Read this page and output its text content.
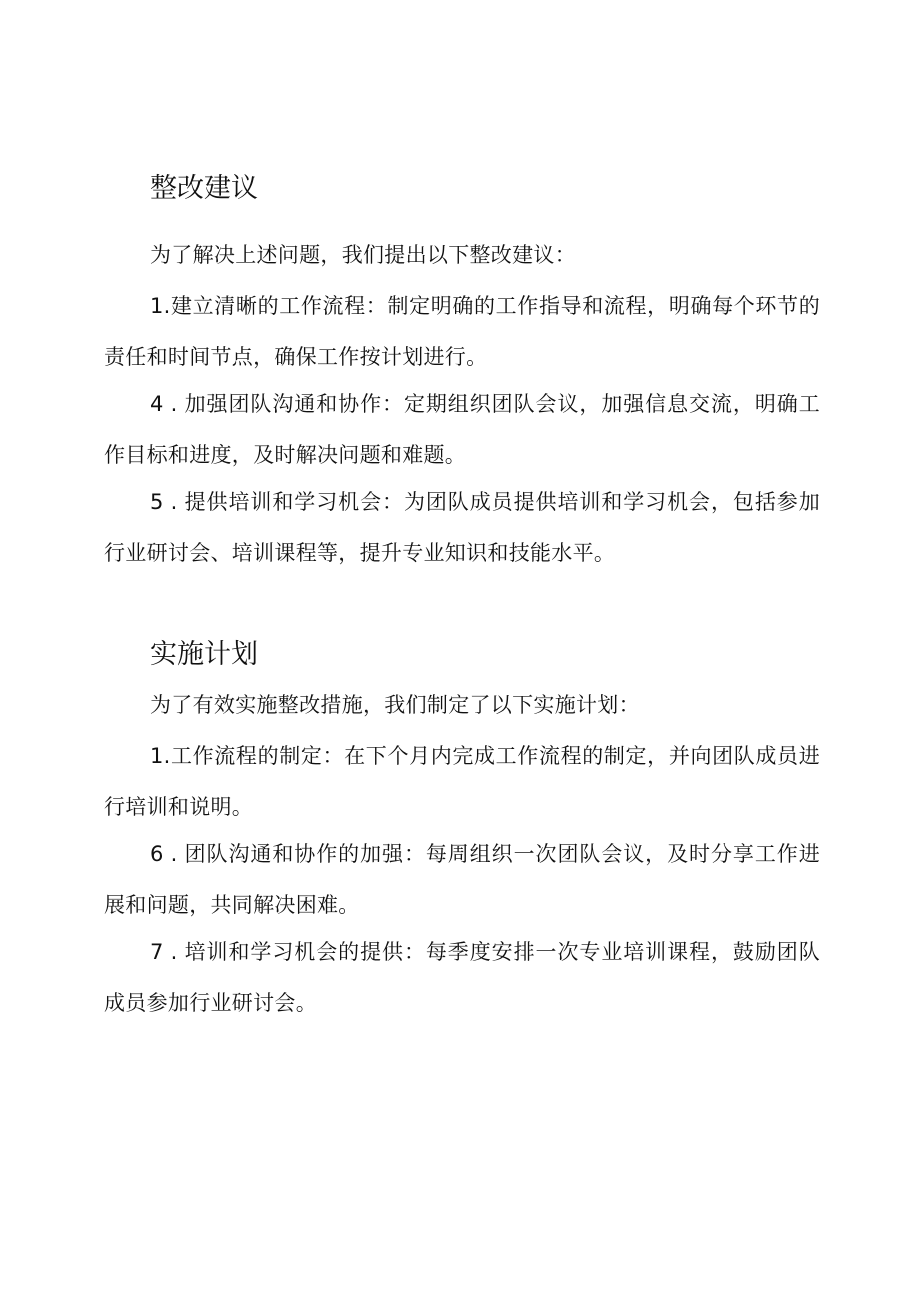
整改建议

为了解决上述问题，我们提出以下整改建议：

1.建立清晰的工作流程：制定明确的工作指导和流程，明确每个环节的责任和时间节点，确保工作按计划进行。

4 . 加强团队沟通和协作：定期组织团队会议，加强信息交流，明确工作目标和进度，及时解决问题和难题。

5 . 提供培训和学习机会：为团队成员提供培训和学习机会，包括参加行业研讨会、培训课程等，提升专业知识和技能水平。

实施计划

为了有效实施整改措施，我们制定了以下实施计划：

1.工作流程的制定：在下个月内完成工作流程的制定，并向团队成员进行培训和说明。

6 . 团队沟通和协作的加强：每周组织一次团队会议，及时分享工作进展和问题，共同解决困难。

7 . 培训和学习机会的提供：每季度安排一次专业培训课程，鼓励团队成员参加行业研讨会。
